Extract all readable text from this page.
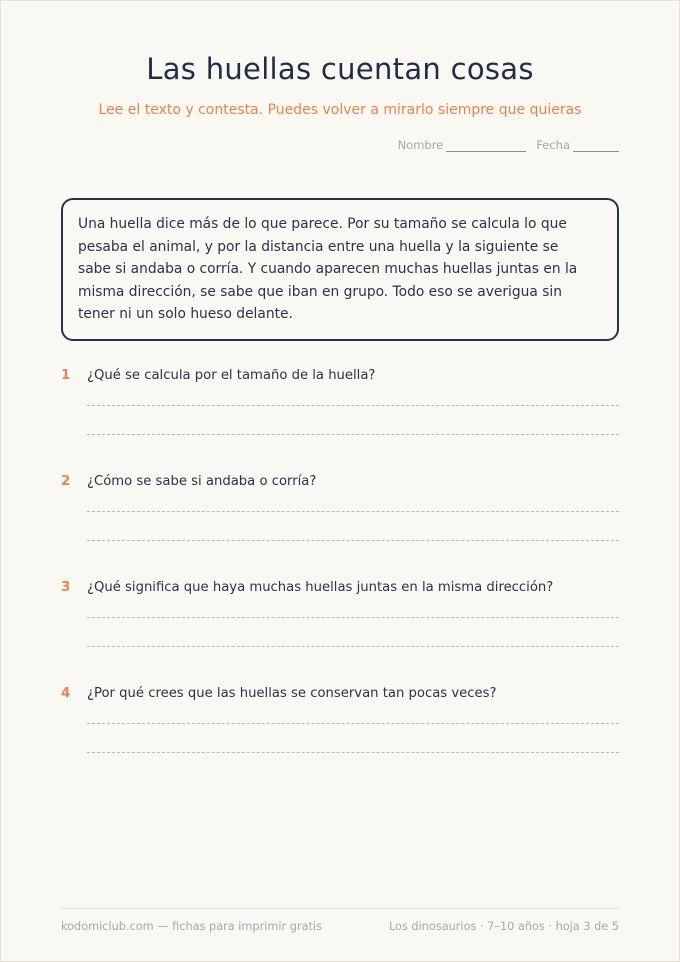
Las huellas cuentan cosas
Lee el texto y contesta. Puedes volver a mirarlo siempre que quieras
Nombre	Fecha
Una huella dice más de lo que parece. Por su tamaño se calcula lo que
pesaba el animal, y por la distancia entre una huella y la siguiente se
sabe si andaba o corría. Y cuando aparecen muchas huellas juntas en la
misma dirección, se sabe que iban en grupo. Todo eso se averigua sin
tener ni un solo hueso delante.
1	¿Qué se calcula por el tamaño de la huella?
2	¿Cómo se sabe si andaba o corría?
3	¿Qué significa que haya muchas huellas juntas en la misma dirección?
4	¿Por qué crees que las huellas se conservan tan pocas veces?
kodomiclub.com — fichas para imprimir gratis	Los dinosaurios · 7–10 años · hoja 3 de 5
